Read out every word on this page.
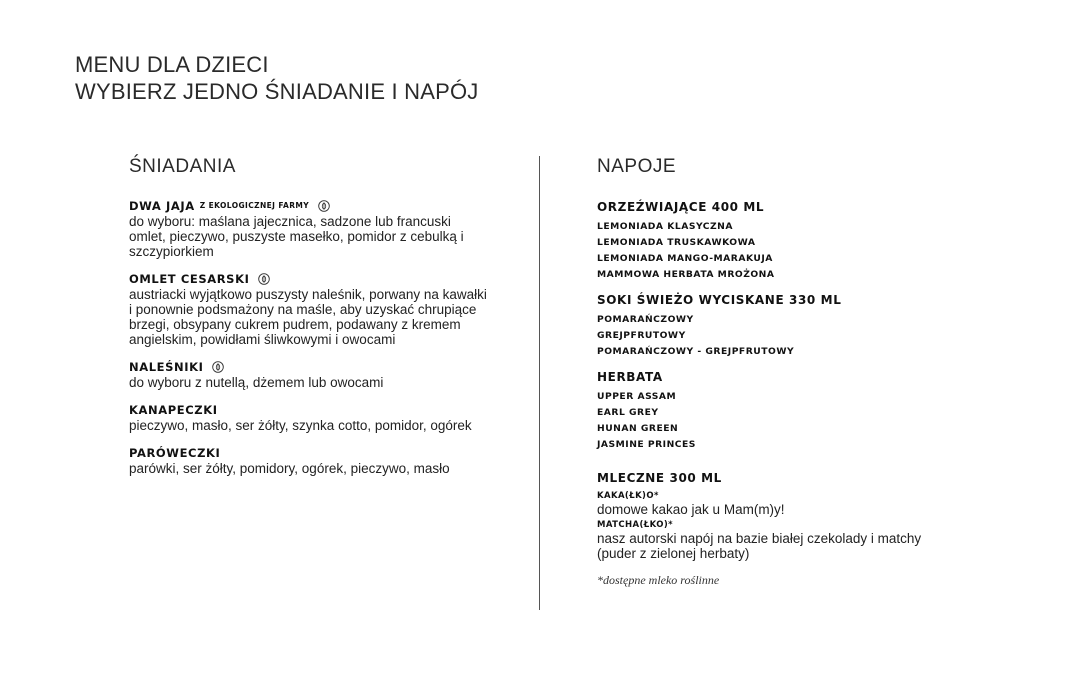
MENU DLA DZIECI
WYBIERZ JEDNO ŚNIADANIE I NAPÓJ
ŚNIADANIA
DWA JAJA Z EKOLOGICZNEJ FARMY
do wyboru: maślana jajecznica, sadzone lub francuski omlet, pieczywo, puszyste masełko, pomidor z cebulką i szczypiorkiem
OMLET CESARSKI
austriacki wyjątkowo puszysty naleśnik, porwany na kawałki i ponownie podsmażony na maśle, aby uzyskać chrupiące brzegi, obsypany cukrem pudrem, podawany z kremem angielskim, powidłami śliwkowymi i owocami
NALEŚNIKI
do wyboru z nutellą, dżemem lub owocami
KANAPECZKI
pieczywo, masło, ser żółty, szynka cotto, pomidor, ogórek
PARÓWECZKI
parówki, ser żółty, pomidory, ogórek, pieczywo, masło
NAPOJE
ORZEŹWIAJĄCE 400 ML
LEMONIADA KLASYCZNA
LEMONIADA TRUSKAWKOWA
LEMONIADA MANGO-MARAKUJA
MAMMOWA HERBATA MROŻONA
SOKI ŚWIEŻO WYCISKANE 330 ML
POMARAŃCZOWY
GREJPFRUTOWY
POMARAŃCZOWY - GREJPFRUTOWY
HERBATA
UPPER ASSAM
EARL GREY
HUNAN GREEN
JASMINE PRINCES
MLECZNE 300 ML
KAKA(ŁK)O*
domowe kakao jak u Mam(m)y!
MATCHA(ŁKO)*
nasz autorski napój na bazie białej czekolady i matchy (puder z zielonej herbaty)
*dostępne mleko roślinne
